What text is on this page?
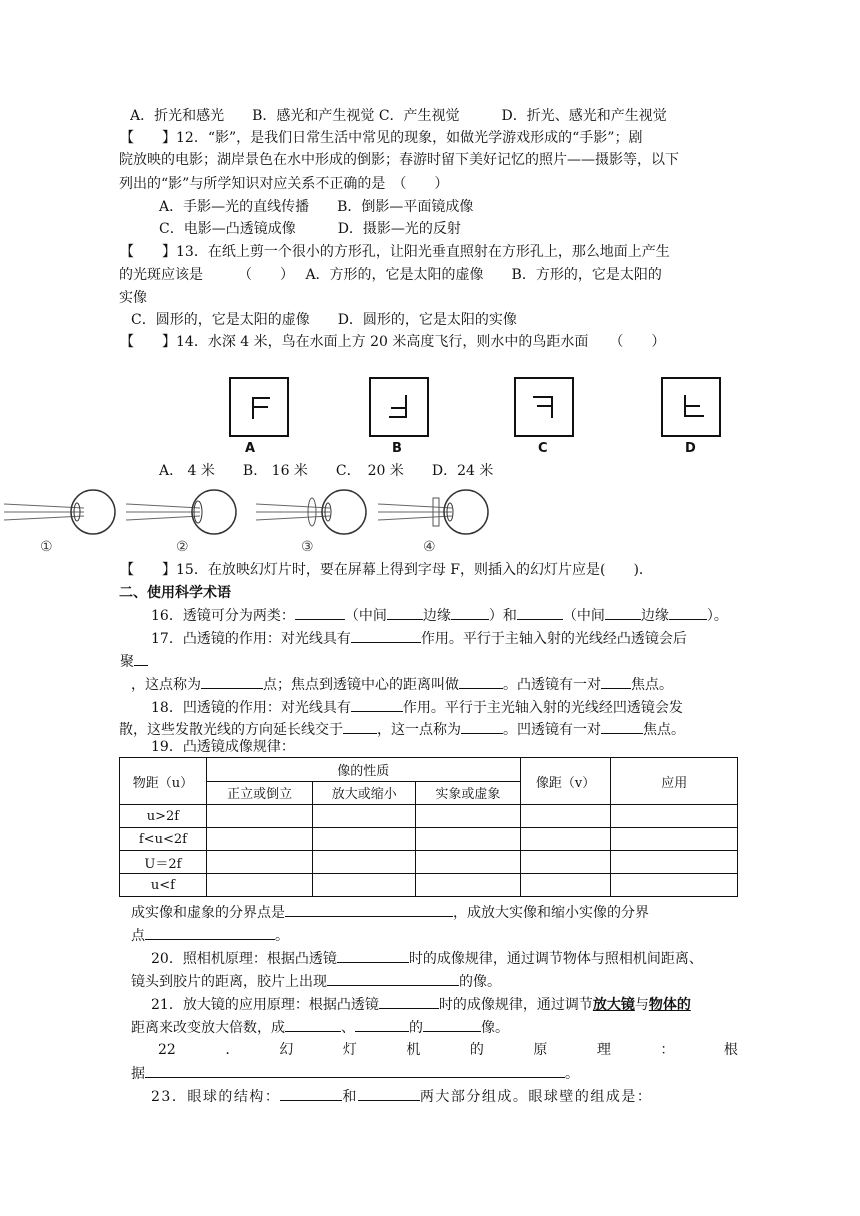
A．折光和感光　　B．感光和产生视觉 C．产生视觉　　　D．折光、感光和产生视觉
【　　】12．“影”，是我们日常生活中常见的现象，如做光学游戏形成的“手影”；剧
院放映的电影；湖岸景色在水中形成的倒影；春游时留下美好记忆的照片——摄影等，以下
列出的“影”与所学知识对应关系不正确的是　（　　）
A．手影—光的直线传播　　B．倒影—平面镜成像
C．电影—凸透镜成像　　　D．摄影—光的反射
【　　】13．在纸上剪一个很小的方形孔，让阳光垂直照射在方形孔上，那么地面上产生
的光斑应该是　　　（　　）　 A．方形的，它是太阳的虚像　　B．方形的，它是太阳的
实像
C．圆形的，它是太阳的虚像　　D．圆形的，它是太阳的实像
【　　】14．水深 4 米，鸟在水面上方 20 米高度飞行，则水中的鸟距水面　　（　　）
A	B	C	D
A． 4 米　　B． 16 米　　C．　20 米　　D．24 米
①	②	③	④
【　　】15．在放映幻灯片时，要在屏幕上得到字母 F，则插入的幻灯片应是(　　)．
二、使用科学术语
16．透镜可分为两类：	（中间	边缘	）和	（中间	边缘	）。
17．凸透镜的作用：对光线具有	作用。平行于主轴入射的光线经凸透镜会后
聚
，这点称为	点；焦点到透镜中心的距离叫做	。凸透镜有一对 焦点。
18．凹透镜的作用：对光线具有	作用。平行于主光轴入射的光线经凹透镜会发
散，这些发散光线的方向延长线交于 ，这一点称为	。凹透镜有一对	焦点。
19．凸透镜成像规律：
物距（u）	像的性质			像距（v）	应用
	正立或倒立	放大或缩小	实象或虚象		
u>2f					
f<u<2f					
U＝2f					
u<f					
成实像和虚象的分界点是	，成放大实像和缩小实像的分界
点	。
20．照相机原理：根据凸透镜	时的成像规律，通过调节物体与照相机间距离、
镜头到胶片的距离，胶片上出现	的像。
21．放大镜的应用原理：根据凸透镜	时的成像规律，通过调节放大镜与物体的
距离来改变放大倍数，成	、	的	像。
22	.	幻	灯	机	的	原	理	：	根
据	。
23．眼球的结构：	和	两大部分组成。眼球壁的组成是：
